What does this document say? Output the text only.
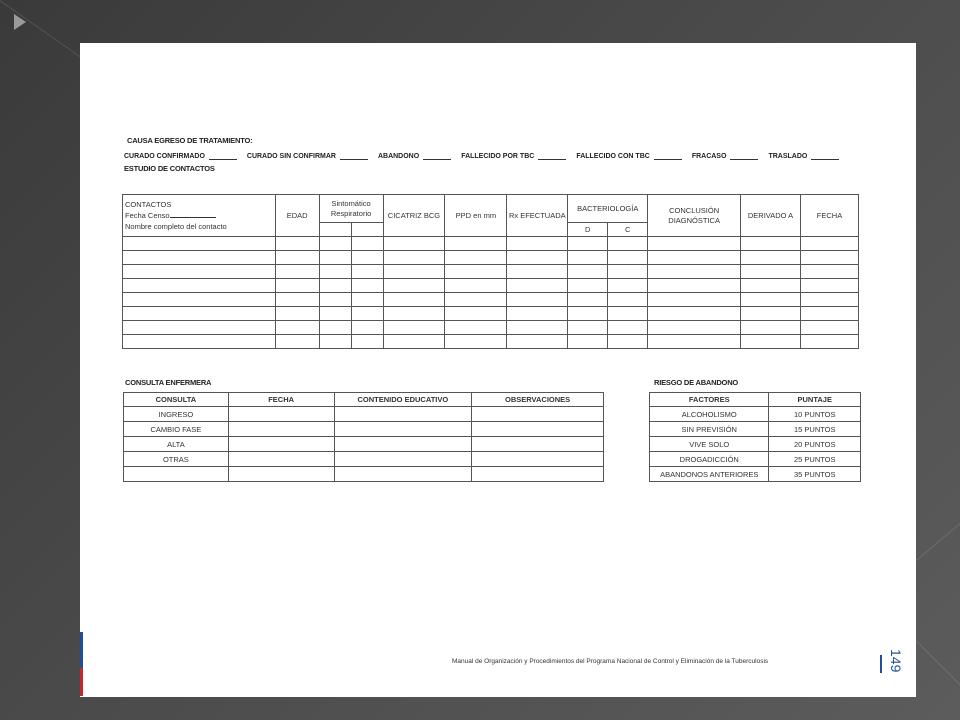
CAUSA EGRESO DE TRATAMIENTO:
CURADO CONFIRMADO	CURADO SIN CONFIRMAR	ABANDONO	FALLECIDO POR TBC	FALLECIDO CON TBC	FRACASO	TRASLADO
ESTUDIO DE CONTACTOS
CONTACTOS
Fecha Censo
Nombre completo del contacto	EDAD	Sintomático Respiratorio		CICATRIZ BCG	PPD en mm	Rx EFECTUADA	BACTERIOLOGÍA		CONCLUSIÓN DIAGNÓSTICA	DERIVADO A	FECHA
							D	C			

CONSULTA ENFERMERA
CONSULTA	FECHA	CONTENIDO EDUCATIVO	OBSERVACIONES
INGRESO			
CAMBIO FASE			
ALTA			
OTRAS			

RIESGO DE ABANDONO
FACTORES	PUNTAJE
ALCOHOLISMO	10 PUNTOS
SIN PREVISIÓN	15 PUNTOS
VIVE SOLO	20 PUNTOS
DROGADICCIÓN	25 PUNTOS
ABANDONOS ANTERIORES	35 PUNTOS
Manual de Organización y Procedimientos del Programa Nacional de Control y Eliminación de la Tuberculosis	149
